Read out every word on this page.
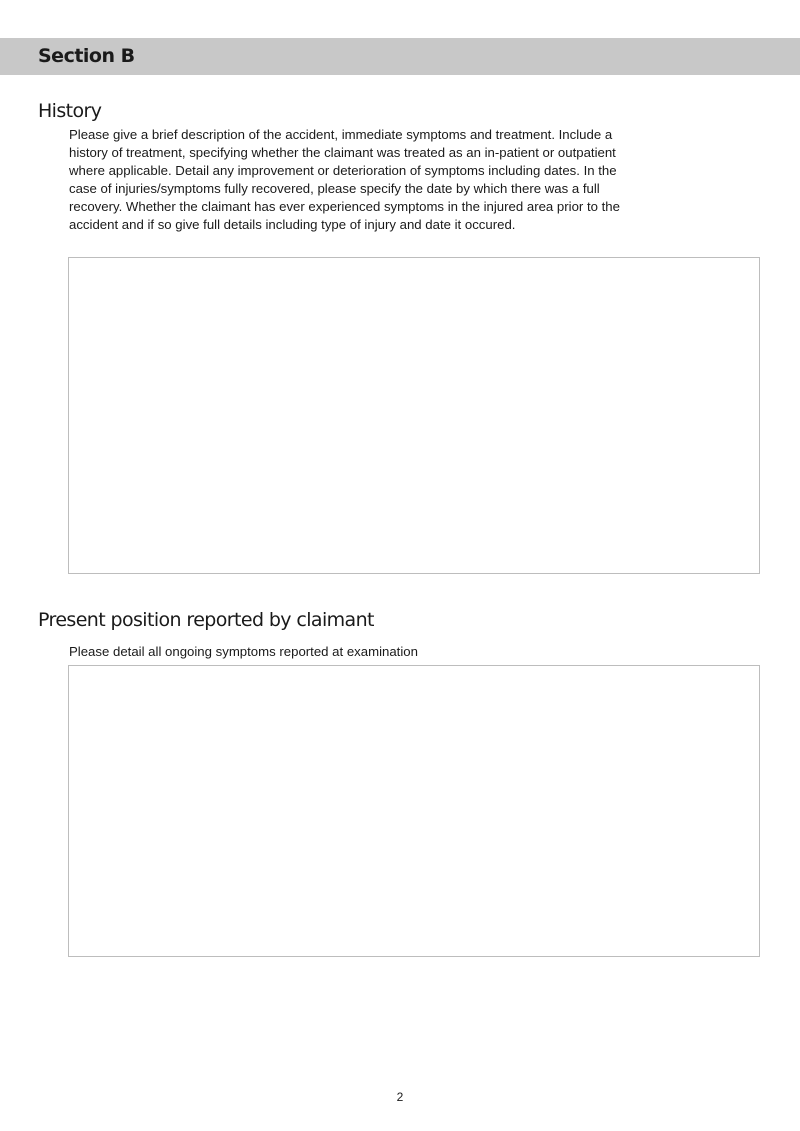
Section B
History
Please give a brief description of the accident, immediate symptoms and treatment. Include a history of treatment, specifying whether the claimant was treated as an in-patient or outpatient where applicable. Detail any improvement or deterioration of symptoms including dates. In the case of injuries/symptoms fully recovered, please specify the date by which there was a full recovery. Whether the claimant has ever experienced symptoms in the injured area prior to the accident and if so give full details including type of injury and date it occured.
Present position reported by claimant
Please detail all ongoing symptoms reported at examination
2
